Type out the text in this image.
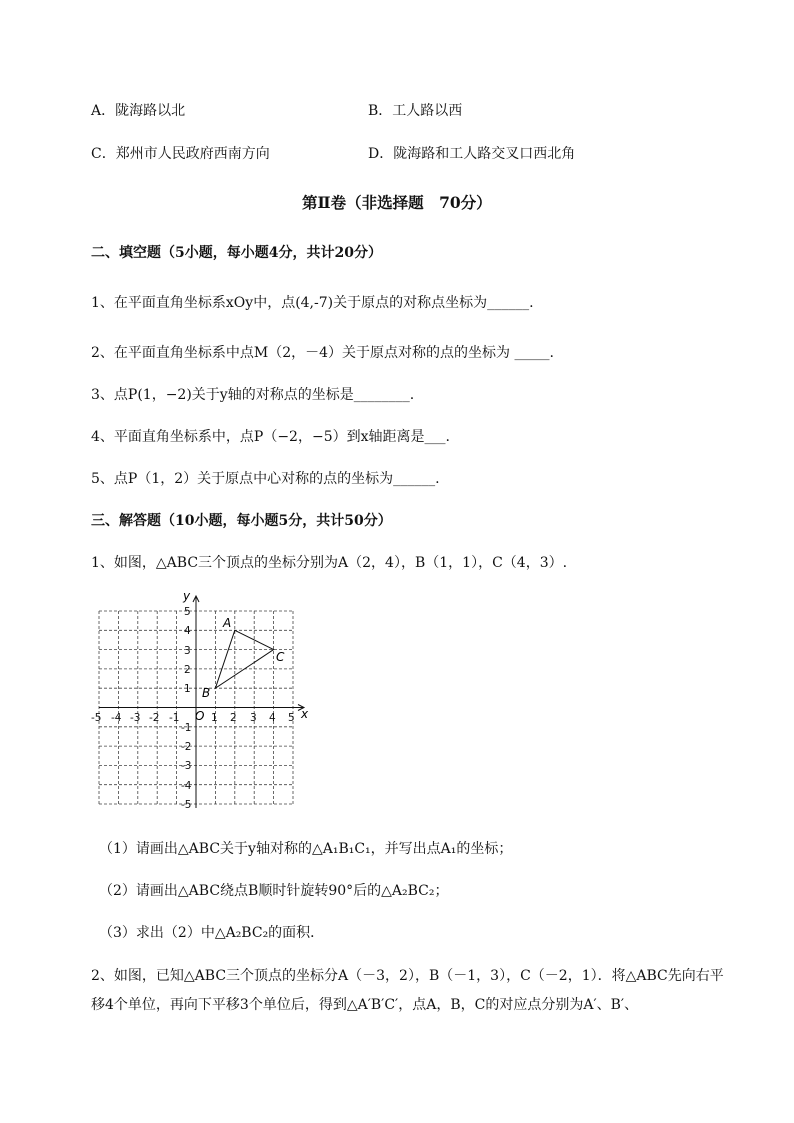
A．陇海路以北	B．工人路以西
C．郑州市人民政府西南方向	D．陇海路和工人路交叉口西北角
第Ⅱ卷（非选择题　70分）
二、填空题（5小题，每小题4分，共计20分）
1、在平面直角坐标系xOy中，点(4,-7)关于原点的对称点坐标为______.
2、在平面直角坐标系中点M（2，－4）关于原点对称的点的坐标为 _____.
3、点P(1，−2)关于y轴的对称点的坐标是________.
4、平面直角坐标系中，点P（−2，−5）到x轴距离是___.
5、点P（1，2）关于原点中心对称的点的坐标为______.
三、解答题（10小题，每小题5分，共计50分）
1、如图，△ABC三个顶点的坐标分别为A（2，4），B（1，1），C（4，3）.
x
y
O
-5 -4 -3 -2 -1	1 2 3 4 5
5
4
3
2
1
-1
-2
-3
-4
-5
A
B
C
（1）请画出△ABC关于y轴对称的△A₁B₁C₁，并写出点A₁的坐标；
（2）请画出△ABC绕点B顺时针旋转90°后的△A₂BC₂；
（3）求出（2）中△A₂BC₂的面积．
2、如图，已知△ABC三个顶点的坐标分A（－3，2），B（－1，3），C（－2，1）．将△ABC先向右平
移4个单位，再向下平移3个单位后，得到△A′B′C′，点A，B，C的对应点分别为A′、B′、
